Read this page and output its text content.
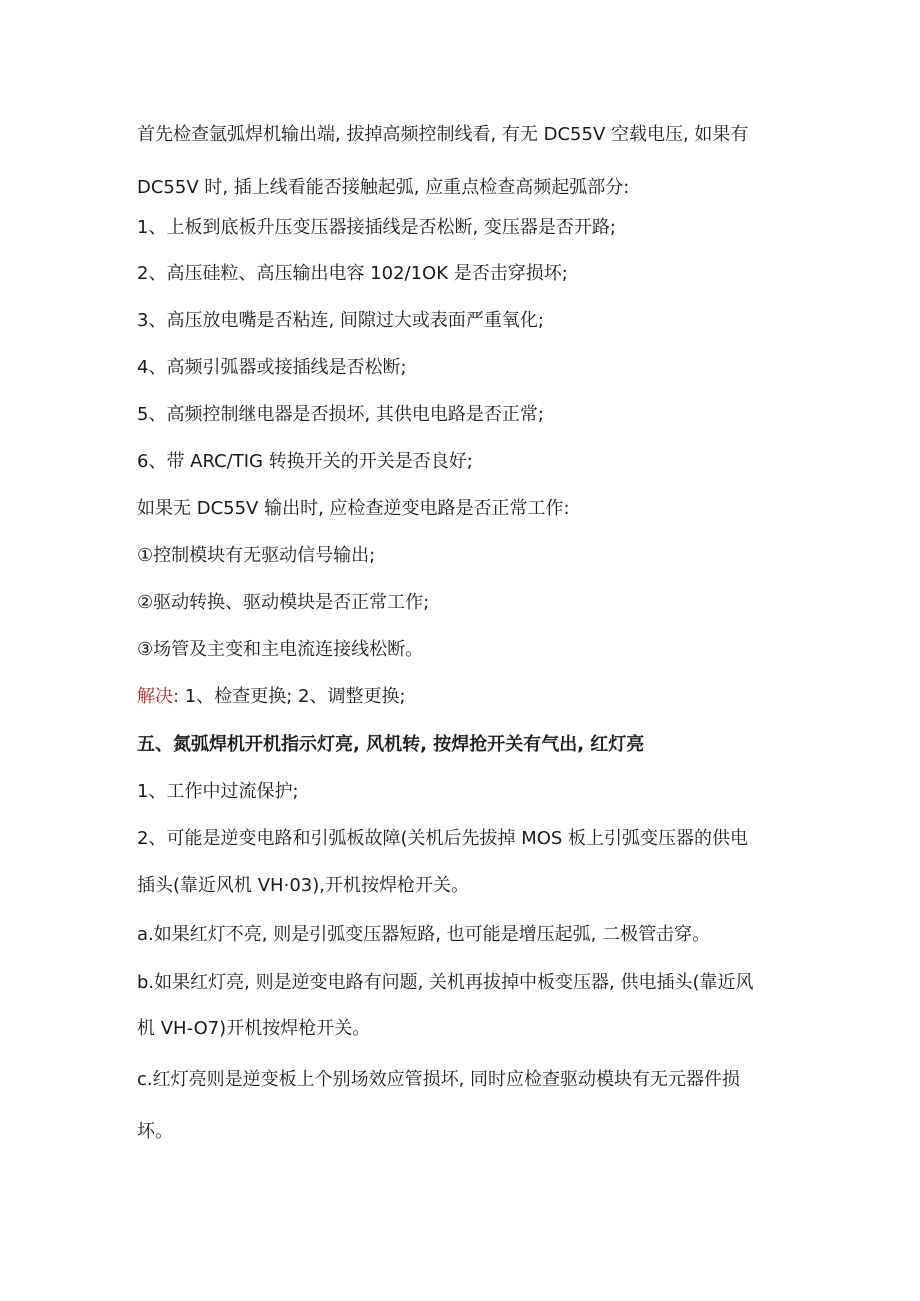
首先检查氩弧焊机输出端, 拔掉高频控制线看, 有无 DC55V 空载电压, 如果有
DC55V 时, 插上线看能否接触起弧, 应重点检查高频起弧部分:
1、上板到底板升压变压器接插线是否松断, 变压器是否开路;
2、高压硅粒、高压输出电容 102/1OK 是否击穿损坏;
3、高压放电嘴是否粘连, 间隙过大或表面严重氧化;
4、高频引弧器或接插线是否松断;
5、高频控制继电器是否损坏, 其供电电路是否正常;
6、带 ARC/TIG 转换开关的开关是否良好;
如果无 DC55V 输出时, 应检查逆变电路是否正常工作:
①控制模块有无驱动信号输出;
②驱动转换、驱动模块是否正常工作;
③场管及主变和主电流连接线松断。
解决: 1、检查更换; 2、调整更换;
五、氮弧焊机开机指示灯亮, 风机转, 按焊抢开关有气出, 红灯亮
1、工作中过流保护;
2、可能是逆变电路和引弧板故障(关机后先拔掉 MOS 板上引弧变压器的供电
插头(靠近风机 VH·03),开机按焊枪开关。
a.如果红灯不亮, 则是引弧变压器短路, 也可能是增压起弧, 二极管击穿。
b.如果红灯亮, 则是逆变电路有问题, 关机再拔掉中板变压器, 供电插头(靠近风
机 VH-O7)开机按焊枪开关。
c.红灯亮则是逆变板上个别场效应管损坏, 同时应检查驱动模块有无元器件损
坏。
